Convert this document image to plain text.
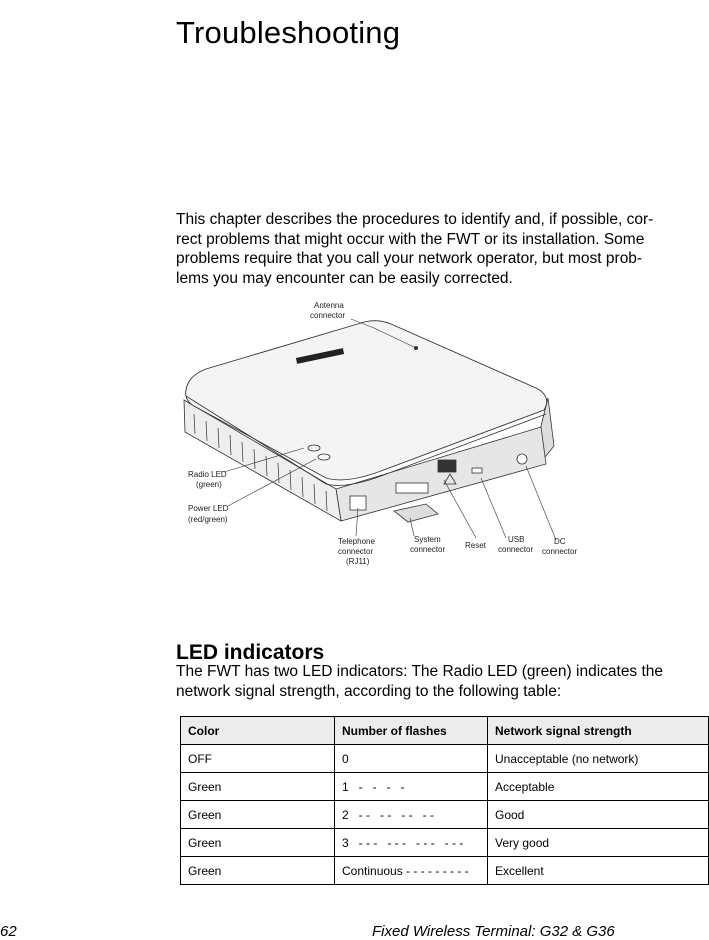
Troubleshooting
This chapter describes the procedures to identify and, if possible, cor-
rect problems that might occur with the FWT or its installation. Some
problems require that you call your network operator, but most prob-
lems you may encounter can be easily corrected.
Antenna
connector
Radio LED
(green)
Power LED
(red/green)
Telephone
connector
(RJ11)
System
connector Reset
USB
connector
DC
connector
LED indicators
The FWT has two LED indicators: The Radio LED (green) indicates the
network signal strength, according to the following table:
Color	Number of flashes	Network signal strength
OFF	0	Unacceptable (no network)
Green	1   -   -   -   -	Acceptable
Green	2   - -   - -   - -   - -	Good
Green	3   - - -   - - -   - - -   - - -	Very good
Green	Continuous - - - - - - - - -	Excellent
62	Fixed Wireless Terminal: G32 & G36
